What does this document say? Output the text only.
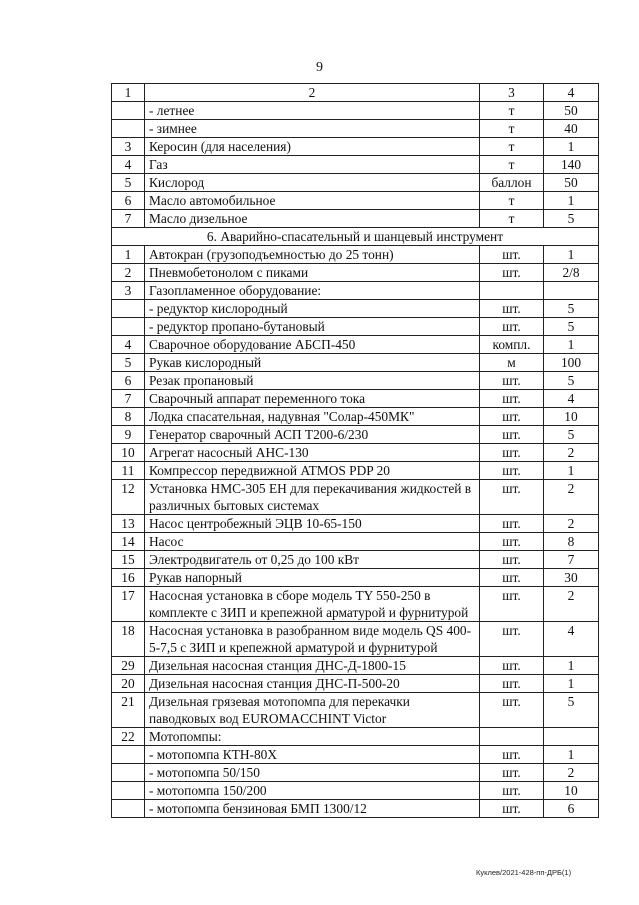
9
1	2	3	4
	- летнее	т	50
	- зимнее	т	40
3	Керосин (для населения)	т	1
4	Газ	т	140
5	Кислород	баллон	50
6	Масло автомобильное	т	1
7	Масло дизельное	т	5
6. Аварийно-спасательный и шанцевый инструмент			
1	Автокран (грузоподъемностью до 25 тонн)	шт.	1
2	Пневмобетонолом с пиками	шт.	2/8
3	Газопламенное оборудование:		
	- редуктор кислородный	шт.	5
	- редуктор пропано-бутановый	шт.	5
4	Сварочное оборудование АБСП-450	компл.	1
5	Рукав кислородный	м	100
6	Резак пропановый	шт.	5
7	Сварочный аппарат переменного тока	шт.	4
8	Лодка спасательная, надувная "Солар-450МК"	шт.	10
9	Генератор сварочный АСП Т200-6/230	шт.	5
10	Агрегат насосный АНС-130	шт.	2
11	Компрессор передвижной ATMOS PDP 20	шт.	1
12	Установка НМС-305 ЕН для перекачивания жидкостей в различных бытовых системах	шт.	2
13	Насос центробежный ЭЦВ 10-65-150	шт.	2
14	Насос	шт.	8
15	Электродвигатель от 0,25 до 100 кВт	шт.	7
16	Рукав напорный	шт.	30
17	Насосная установка в сборе модель TY 550-250 в комплекте с ЗИП и крепежной арматурой и фурнитурой	шт.	2
18	Насосная установка в разобранном виде модель QS 400-5-7,5 с ЗИП и крепежной арматурой и фурнитурой	шт.	4
29	Дизельная насосная станция ДНС-Д-1800-15	шт.	1
20	Дизельная насосная станция ДНС-П-500-20	шт.	1
21	Дизельная грязевая мотопомпа для перекачки паводковых вод EUROMACCHINT Victor	шт.	5
22	Мотопомпы:		
	- мотопомпа КТН-80Х	шт.	1
	- мотопомпа 50/150	шт.	2
	- мотопомпа 150/200	шт.	10
	- мотопомпа бензиновая БМП 1300/12	шт.	6
Куклев/2021-428-пп-ДРБ(1)
